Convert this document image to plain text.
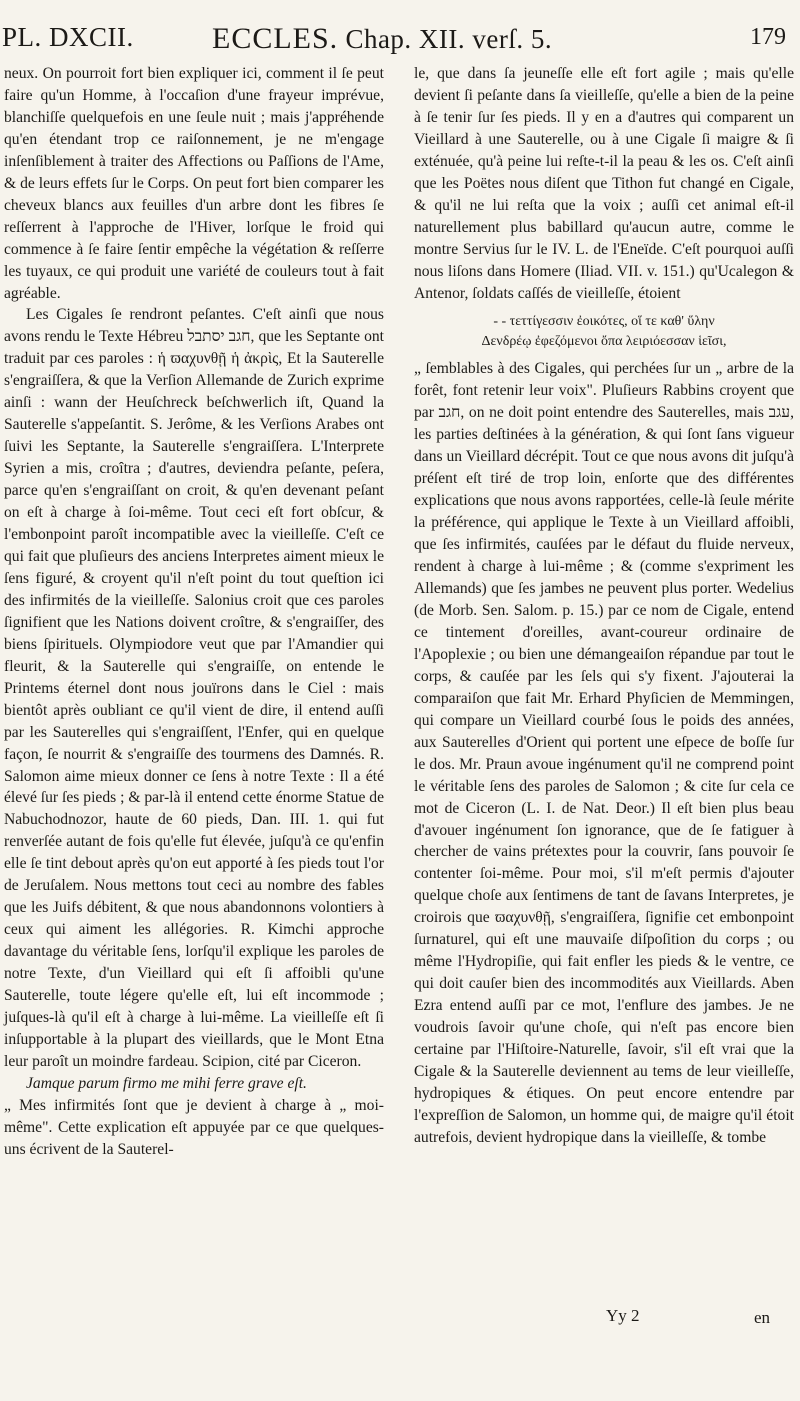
PL. DXCII.	ECCLES. Chap. XII. verſ. 5.	179

neux. On pourroit fort bien expliquer ici, comment il ſe peut faire qu'un Homme, à l'occaſion d'une frayeur imprévue, blanchiſſe quelquefois en une ſeule nuit ; mais j'appréhende qu'en étendant trop ce raiſonnement, je ne m'engage inſenſiblement à traiter des Affections ou Paſſions de l'Ame, & de leurs effets ſur le Corps. On peut fort bien comparer les cheveux blancs aux feuilles d'un arbre dont les fibres ſe reſſerrent à l'approche de l'Hiver, lorſque le froid qui commence à ſe faire ſentir empêche la végétation & reſſerre les tuyaux, ce qui produit une variété de couleurs tout à fait agréable.

Les Cigales ſe rendront peſantes. C'eſt ainſi que nous avons rendu le Texte Hébreu חגב יסתבל, que les Septante ont traduit par ces paroles : ἡ ϖαχυνθῇ ἡ ἀκρὶς, Et la Sauterelle s'engraiſſera, & que la Verſion Allemande de Zurich exprime ainſi : wann der Heuſchreck beſchwerlich iſt, Quand la Sauterelle s'appeſantit. S. Jerôme, & les Verſions Arabes ont ſuivi les Septante, la Sauterelle s'engraiſſera. L'Interprete Syrien a mis, croîtra ; d'autres, deviendra peſante, peſera, parce qu'en s'engraiſſant on croit, & qu'en devenant peſant on eſt à charge à ſoi-même. Tout ceci eſt fort obſcur, & l'embonpoint paroît incompatible avec la vieilleſſe. C'eſt ce qui fait que pluſieurs des anciens Interpretes aiment mieux le ſens figuré, & croyent qu'il n'eſt point du tout queſtion ici des infirmités de la vieilleſſe. Salonius croit que ces paroles ſignifient que les Nations doivent croître, & s'engraiſſer, des biens ſpirituels. Olympiodore veut que par l'Amandier qui fleurit, & la Sauterelle qui s'engraiſſe, on entende le Printems éternel dont nous jouïrons dans le Ciel : mais bientôt après oubliant ce qu'il vient de dire, il entend auſſi par les Sauterelles qui s'engraiſſent, l'Enfer, qui en quelque façon, ſe nourrit & s'engraiſſe des tourmens des Damnés. R. Salomon aime mieux donner ce ſens à notre Texte : Il a été élevé ſur ſes pieds ; & par-là il entend cette énorme Statue de Nabuchodnozor, haute de 60 pieds, Dan. III. 1. qui fut renverſée autant de fois qu'elle fut élevée, juſqu'à ce qu'enfin elle ſe tint debout après qu'on eut apporté à ſes pieds tout l'or de Jeruſalem. Nous mettons tout ceci au nombre des fables que les Juifs débitent, & que nous abandonnons volontiers à ceux qui aiment les allégories. R. Kimchi approche davantage du véritable ſens, lorſqu'il explique les paroles de notre Texte, d'un Vieillard qui eſt ſi affoibli qu'une Sauterelle, toute légere qu'elle eſt, lui eſt incommode ; juſques-là qu'il eſt à charge à lui-même. La vieilleſſe eſt ſi inſupportable à la plupart des vieillards, que le Mont Etna leur paroît un moindre fardeau. Scipion, cité par Ciceron.

Jamque parum firmo me mihi ferre grave eſt.

„ Mes infirmités ſont que je devient à charge à „ moi-même". Cette explication eſt appuyée par ce que quelques-uns écrivent de la Sauterel-

le, que dans ſa jeuneſſe elle eſt fort agile ; mais qu'elle devient ſi peſante dans ſa vieilleſſe, qu'elle a bien de la peine à ſe tenir ſur ſes pieds. Il y en a d'autres qui comparent un Vieillard à une Sauterelle, ou à une Cigale ſi maigre & ſi exténuée, qu'à peine lui reſte-t-il la peau & les os. C'eſt ainſi que les Poëtes nous diſent que Tithon fut changé en Cigale, & qu'il ne lui reſta que la voix ; auſſi cet animal eſt-il naturellement plus babillard qu'aucun autre, comme le montre Servius ſur le IV. L. de l'Eneïde. C'eſt pourquoi auſſi nous liſons dans Homere (Iliad. VII. v. 151.) qu'Ucalegon & Antenor, ſoldats caſſés de vieilleſſe, étoient

- - τεττίγεσσιν ἐοικότες, οἵ τε καθ' ὕλην
Δενδρέῳ ἐφεζόμενοι ὄπα λειριόεσσαν ἱεῖσι,

„ ſemblables à des Cigales, qui perchées ſur un „ arbre de la forêt, font retenir leur voix". Pluſieurs Rabbins croyent que par חגב, on ne doit point entendre des Sauterelles, mais עגב, les parties deſtinées à la génération, & qui ſont ſans vigueur dans un Vieillard décrépit. Tout ce que nous avons dit juſqu'à préſent eſt tiré de trop loin, enſorte que des différentes explications que nous avons rapportées, celle-là ſeule mérite la préférence, qui applique le Texte à un Vieillard affoibli, que ſes infirmités, cauſées par le défaut du fluide nerveux, rendent à charge à lui-même ; & (comme s'expriment les Allemands) que ſes jambes ne peuvent plus porter. Wedelius (de Morb. Sen. Salom. p. 15.) par ce nom de Cigale, entend ce tintement d'oreilles, avant-coureur ordinaire de l'Apoplexie ; ou bien une démangeaiſon répandue par tout le corps, & cauſée par les ſels qui s'y fixent. J'ajouterai la comparaiſon que fait Mr. Erhard Phyſicien de Memmingen, qui compare un Vieillard courbé ſous le poids des années, aux Sauterelles d'Orient qui portent une eſpece de boſſe ſur le dos. Mr. Praun avoue ingénument qu'il ne comprend point le véritable ſens des paroles de Salomon ; & cite ſur cela ce mot de Ciceron (L. I. de Nat. Deor.) Il eſt bien plus beau d'avouer ingénument ſon ignorance, que de ſe fatiguer à chercher de vains prétextes pour la couvrir, ſans pouvoir ſe contenter ſoi-même. Pour moi, s'il m'eſt permis d'ajouter quelque choſe aux ſentimens de tant de ſavans Interpretes, je croirois que ϖαχυνθῇ, s'engraiſſera, ſignifie cet embonpoint ſurnaturel, qui eſt une mauvaiſe diſpoſition du corps ; ou même l'Hydropiſie, qui fait enfler les pieds & le ventre, ce qui doit cauſer bien des incommodités aux Vieillards. Aben Ezra entend auſſi par ce mot, l'enflure des jambes. Je ne voudrois ſavoir qu'une choſe, qui n'eſt pas encore bien certaine par l'Hiſtoire-Naturelle, ſavoir, s'il eſt vrai que la Cigale & la Sauterelle deviennent au tems de leur vieilleſſe, hydropiques & étiques. On peut encore entendre par l'expreſſion de Salomon, un homme qui, de maigre qu'il étoit autrefois, devient hydropique dans la vieilleſſe, & tombe

Yy 2	en
